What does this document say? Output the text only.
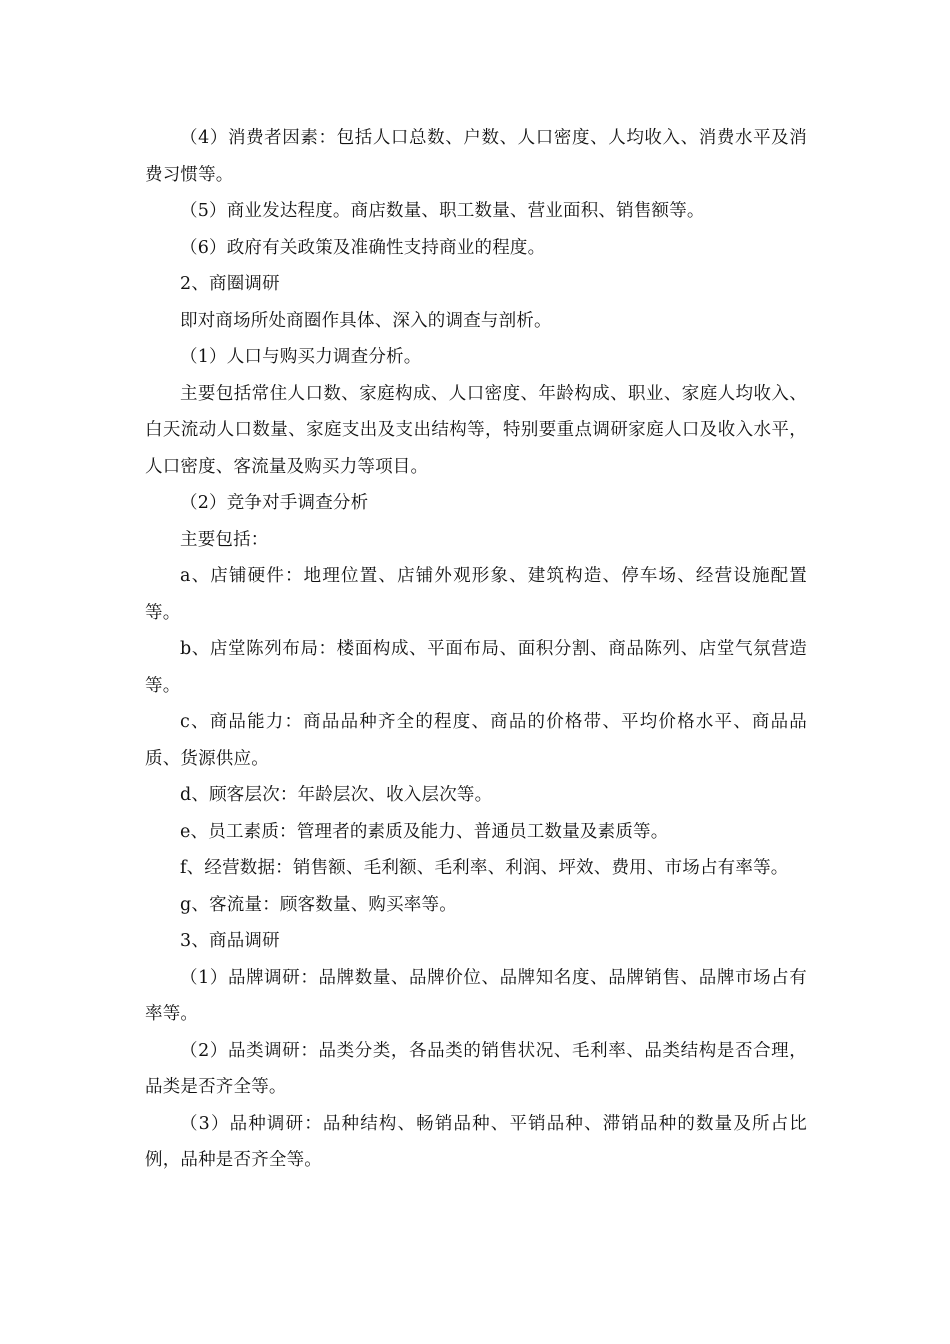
（4）消费者因素：包括人口总数、户数、人口密度、人均收入、消费水平及消费习惯等。

（5）商业发达程度。商店数量、职工数量、营业面积、销售额等。

（6）政府有关政策及准确性支持商业的程度。

2、商圈调研

即对商场所处商圈作具体、深入的调查与剖析。

（1）人口与购买力调查分析。

主要包括常住人口数、家庭构成、人口密度、年龄构成、职业、家庭人均收入、白天流动人口数量、家庭支出及支出结构等，特别要重点调研家庭人口及收入水平，人口密度、客流量及购买力等项目。

（2）竞争对手调查分析

主要包括：

a、店铺硬件：地理位置、店铺外观形象、建筑构造、停车场、经营设施配置等。

b、店堂陈列布局：楼面构成、平面布局、面积分割、商品陈列、店堂气氛营造等。

c、商品能力：商品品种齐全的程度、商品的价格带、平均价格水平、商品品质、货源供应。

d、顾客层次：年龄层次、收入层次等。

e、员工素质：管理者的素质及能力、普通员工数量及素质等。

f、经营数据：销售额、毛利额、毛利率、利润、坪效、费用、市场占有率等。

g、客流量：顾客数量、购买率等。

3、商品调研

（1）品牌调研：品牌数量、品牌价位、品牌知名度、品牌销售、品牌市场占有率等。

（2）品类调研：品类分类，各品类的销售状况、毛利率、品类结构是否合理，品类是否齐全等。

（3）品种调研：品种结构、畅销品种、平销品种、滞销品种的数量及所占比例，品种是否齐全等。
